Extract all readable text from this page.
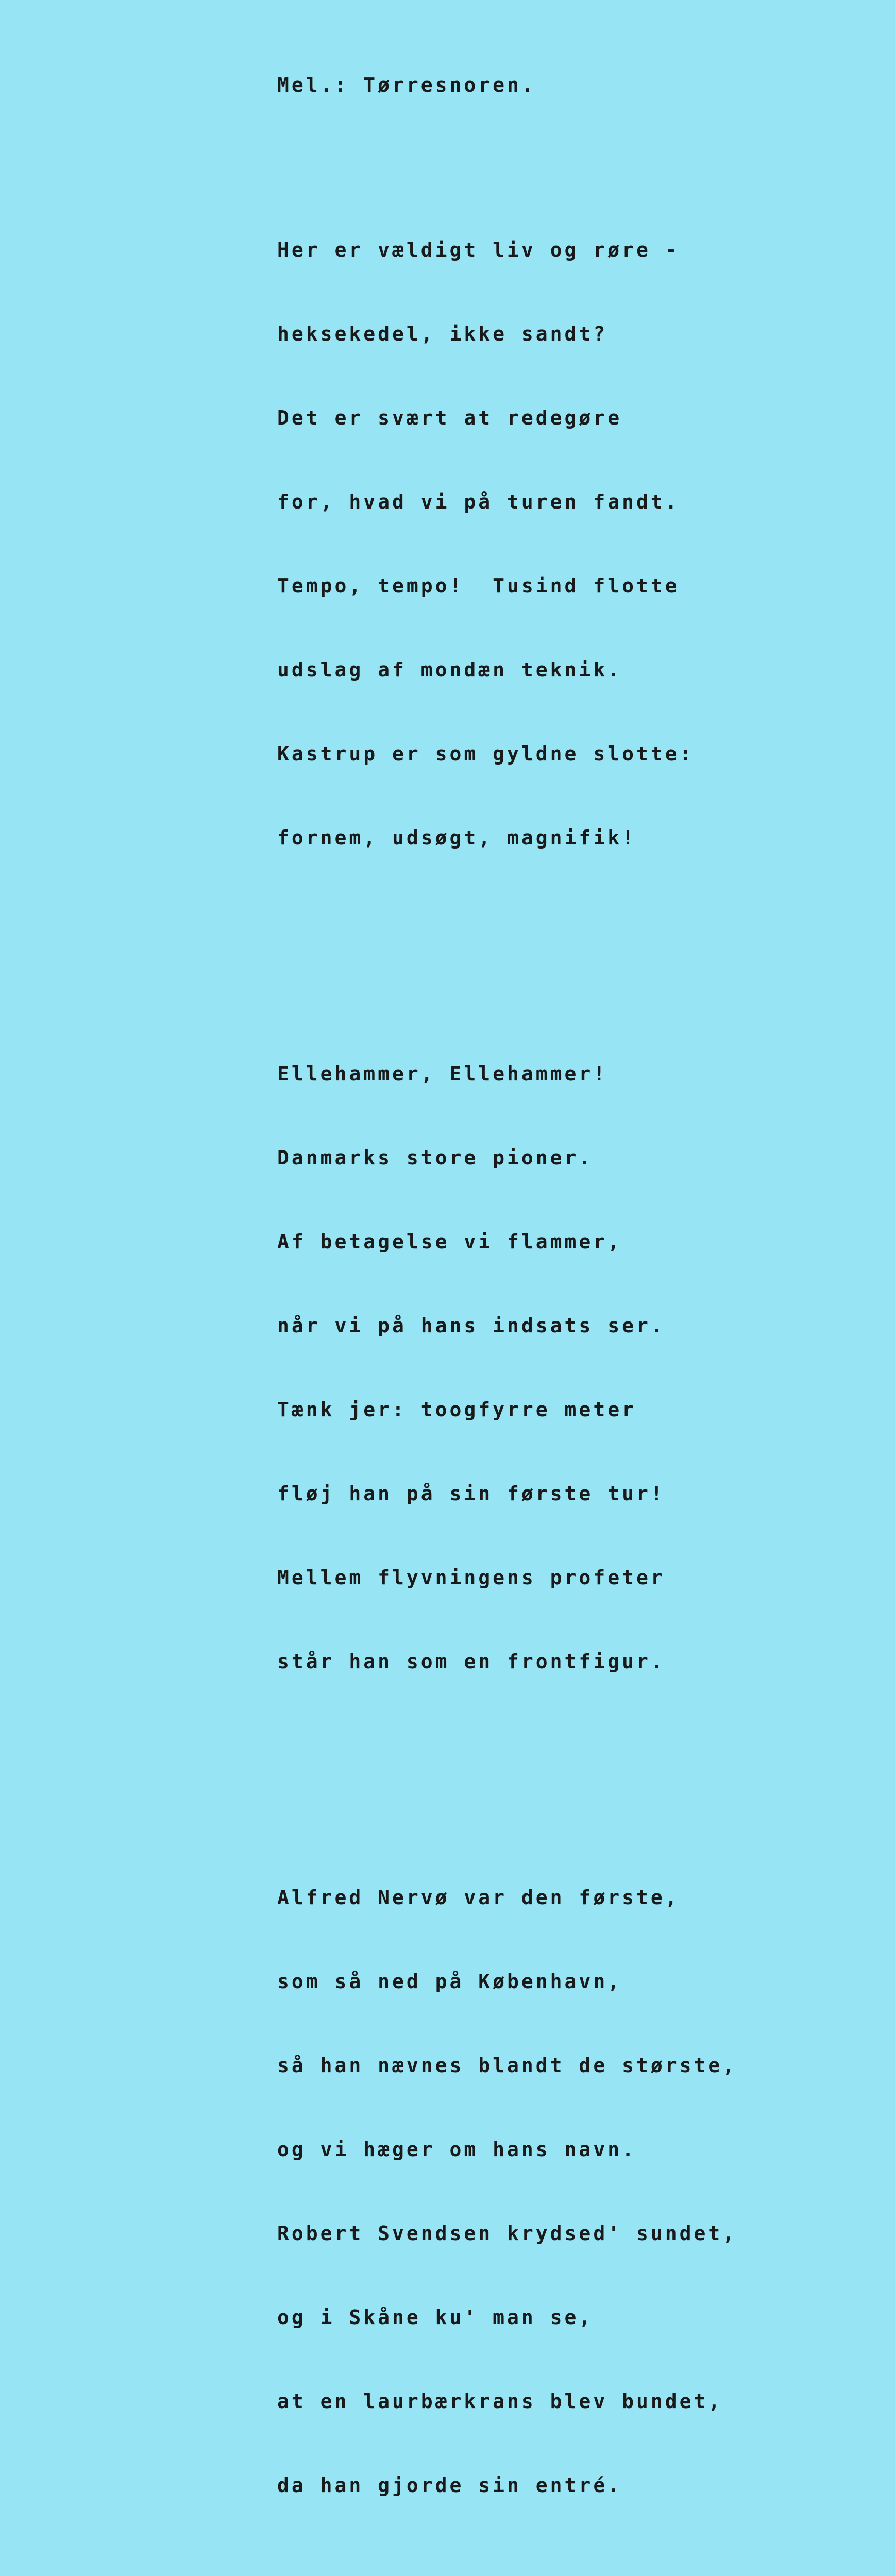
Mel.: Tørresnoren.

Her er vældigt liv og røre -

heksekedel, ikke sandt?

Det er svært at redegøre

for, hvad vi på turen fandt.

Tempo, tempo!  Tusind flotte

udslag af mondæn teknik.

Kastrup er som gyldne slotte:

fornem, udsøgt, magnifik!

Ellehammer, Ellehammer!

Danmarks store pioner.

Af betagelse vi flammer,

når vi på hans indsats ser.

Tænk jer: toogfyrre meter

fløj han på sin første tur!

Mellem flyvningens profeter

står han som en frontfigur.

Alfred Nervø var den første,

som så ned på København,

så han nævnes blandt de største,

og vi hæger om hans navn.

Robert Svendsen krydsed' sundet,

og i Skåne ku' man se,

at en laurbærkrans blev bundet,

da han gjorde sin entré.
